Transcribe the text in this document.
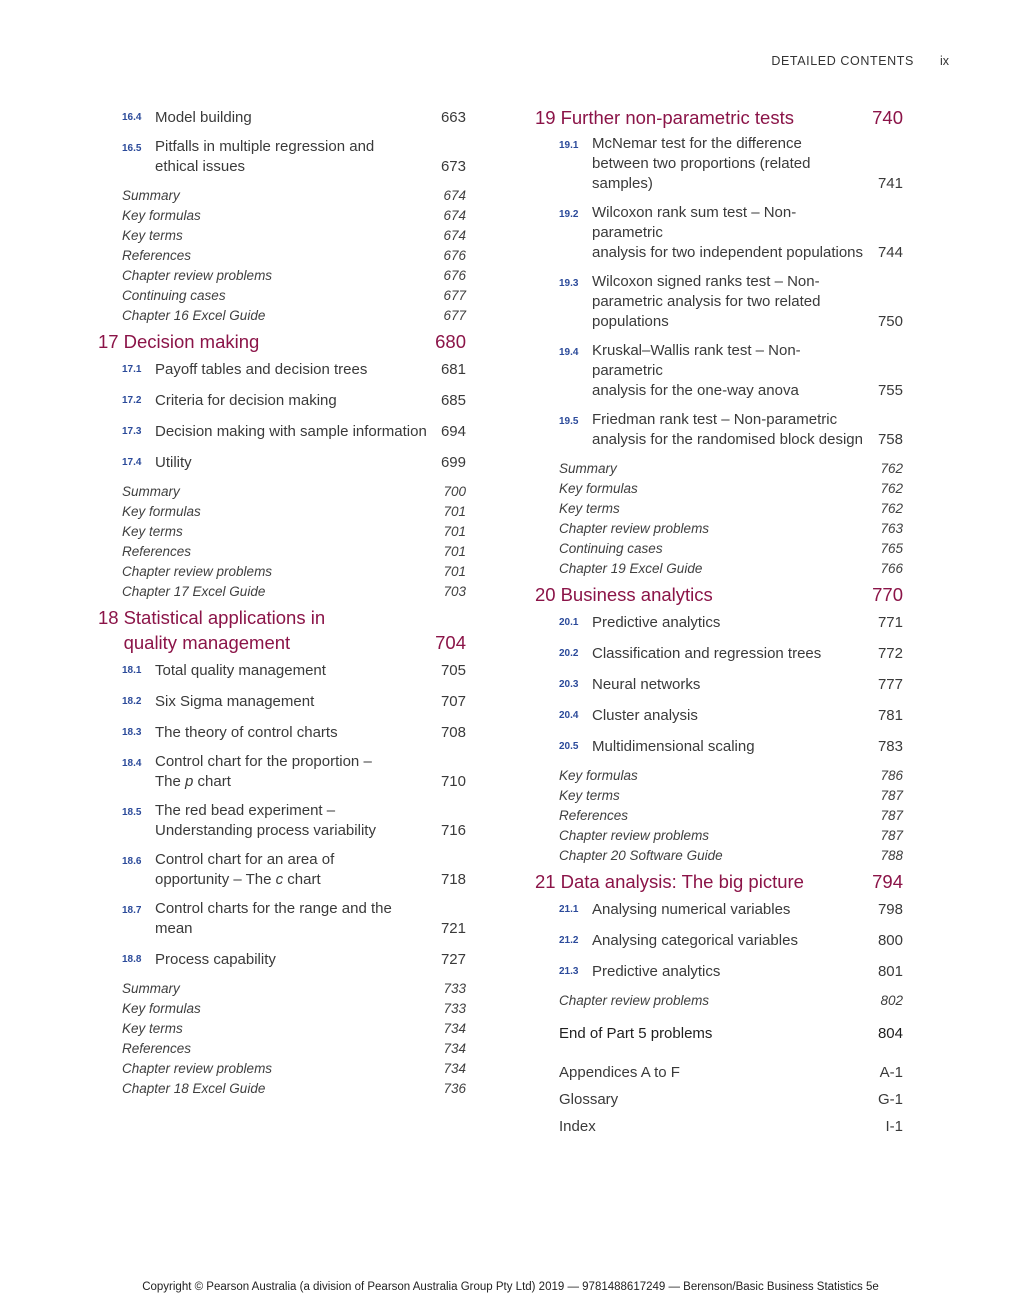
DETAILED CONTENTS ix
16.4 Model building	663
16.5 Pitfalls in multiple regression and
ethical issues	673
Summary	674
Key formulas	674
Key terms	674
References	676
Chapter review problems	676
Continuing cases	677
Chapter 16 Excel Guide	677
17 Decision making	680
17.1 Payoff tables and decision trees	681
17.2 Criteria for decision making	685
17.3 Decision making with sample information 694
17.4 Utility	699
Summary	700
Key formulas	701
Key terms	701
References	701
Chapter review problems	701
Chapter 17 Excel Guide	703
18 Statistical applications in
quality management	704
18.1 Total quality management	705
18.2 Six Sigma management	707
18.3 The theory of control charts	708
18.4 Control chart for the proportion –
The p chart	710
18.5 The red bead experiment –
Understanding process variability	716
18.6 Control chart for an area of
opportunity – The c chart	718
18.7 Control charts for the range and the mean	721
18.8 Process capability	727
Summary	733
Key formulas	733
Key terms	734
References	734
Chapter review problems	734
Chapter 18 Excel Guide	736
19 Further non-parametric tests	740
19.1 McNemar test for the difference
between two proportions (related samples)	741
19.2 Wilcoxon rank sum test – Non-parametric
analysis for two independent populations 744
19.3 Wilcoxon signed ranks test – Non-
parametric analysis for two related
populations	750
19.4 Kruskal–Wallis rank test – Non-parametric
analysis for the one-way anova	755
19.5 Friedman rank test – Non-parametric
analysis for the randomised block design 758
Summary	762
Key formulas	762
Key terms	762
Chapter review problems	763
Continuing cases	765
Chapter 19 Excel Guide	766
20 Business analytics	770
20.1 Predictive analytics	771
20.2 Classification and regression trees	772
20.3 Neural networks	777
20.4 Cluster analysis	781
20.5 Multidimensional scaling	783
Key formulas	786
Key terms	787
References	787
Chapter review problems	787
Chapter 20 Software Guide	788
21 Data analysis: The big picture	794
21.1 Analysing numerical variables	798
21.2 Analysing categorical variables	800
21.3 Predictive analytics	801
Chapter review problems	802
End of Part 5 problems	804
Appendices A to F	A-1
Glossary	G-1
Index	I-1
Copyright © Pearson Australia (a division of Pearson Australia Group Pty Ltd) 2019 — 9781488617249 — Berenson/Basic Business Statistics 5e
